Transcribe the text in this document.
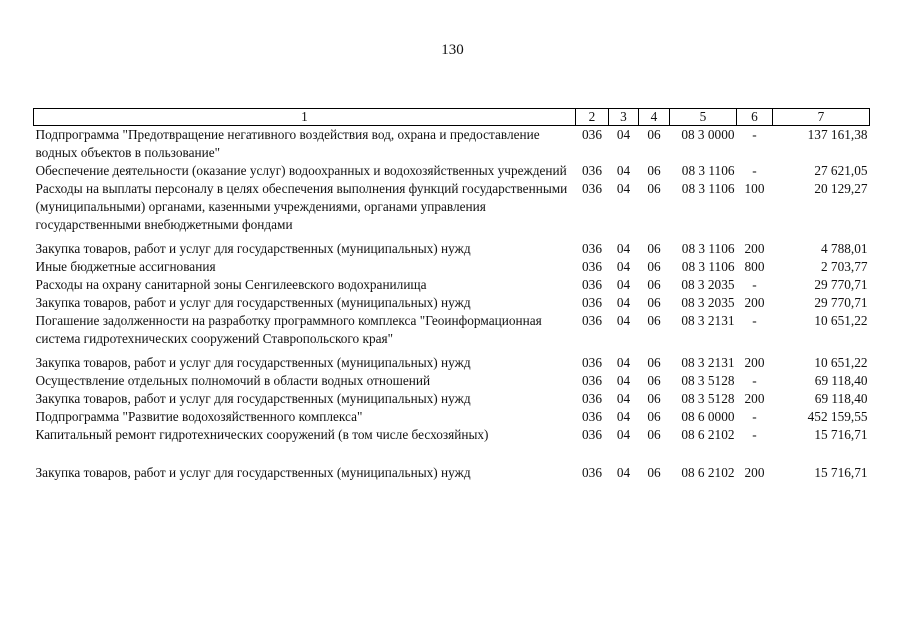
130
1	2	3	4	5	6	7
Подпрограмма "Предотвращение негативного воздействия вод, охрана и предоставление водных объектов в пользование"	036	04	06	08 3 0000	-	137 161,38
Обеспечение деятельности (оказание услуг) водоохранных и водохозяйственных учреждений	036	04	06	08 3 1106	-	27 621,05
Расходы на выплаты персоналу в целях обеспечения выполнения функций государственными (муниципальными) органами, казенными учреждениями, органами управления государственными внебюджетными фондами	036	04	06	08 3 1106	100	20 129,27
Закупка товаров, работ и услуг для государственных (муниципальных) нужд	036	04	06	08 3 1106	200	4 788,01
Иные бюджетные ассигнования	036	04	06	08 3 1106	800	2 703,77
Расходы на охрану санитарной зоны Сенгилеевского водохранилища	036	04	06	08 3 2035	-	29 770,71
Закупка товаров, работ и услуг для государственных (муниципальных) нужд	036	04	06	08 3 2035	200	29 770,71
Погашение задолженности на разработку программного комплекса "Геоинформационная система гидротехнических сооружений Ставропольского края"	036	04	06	08 3 2131	-	10 651,22
Закупка товаров, работ и услуг для государственных (муниципальных) нужд	036	04	06	08 3 2131	200	10 651,22
Осуществление отдельных полномочий в области водных отношений	036	04	06	08 3 5128	-	69 118,40
Закупка товаров, работ и услуг для государственных (муниципальных) нужд	036	04	06	08 3 5128	200	69 118,40
Подпрограмма "Развитие водохозяйственного комплекса"	036	04	06	08 6 0000	-	452 159,55
Капитальный ремонт гидротехнических сооружений (в том числе бесхозяйных)	036	04	06	08 6 2102	-	15 716,71
Закупка товаров, работ и услуг для государственных (муниципальных) нужд	036	04	06	08 6 2102	200	15 716,71
